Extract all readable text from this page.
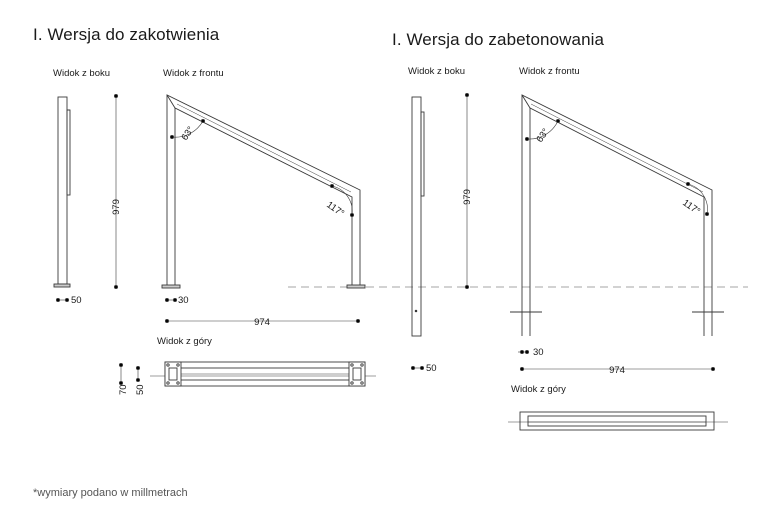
I. Wersja do zakotwienia	I. Wersja do zabetonowania
Widok z boku	Widok z frontu
Widok z góry
Widok z boku	Widok z frontu
Widok z góry
*wymiary podano w millmetrach
979
50	30
974
63°
117°
70 50
979
50
30
974
63°
117°
